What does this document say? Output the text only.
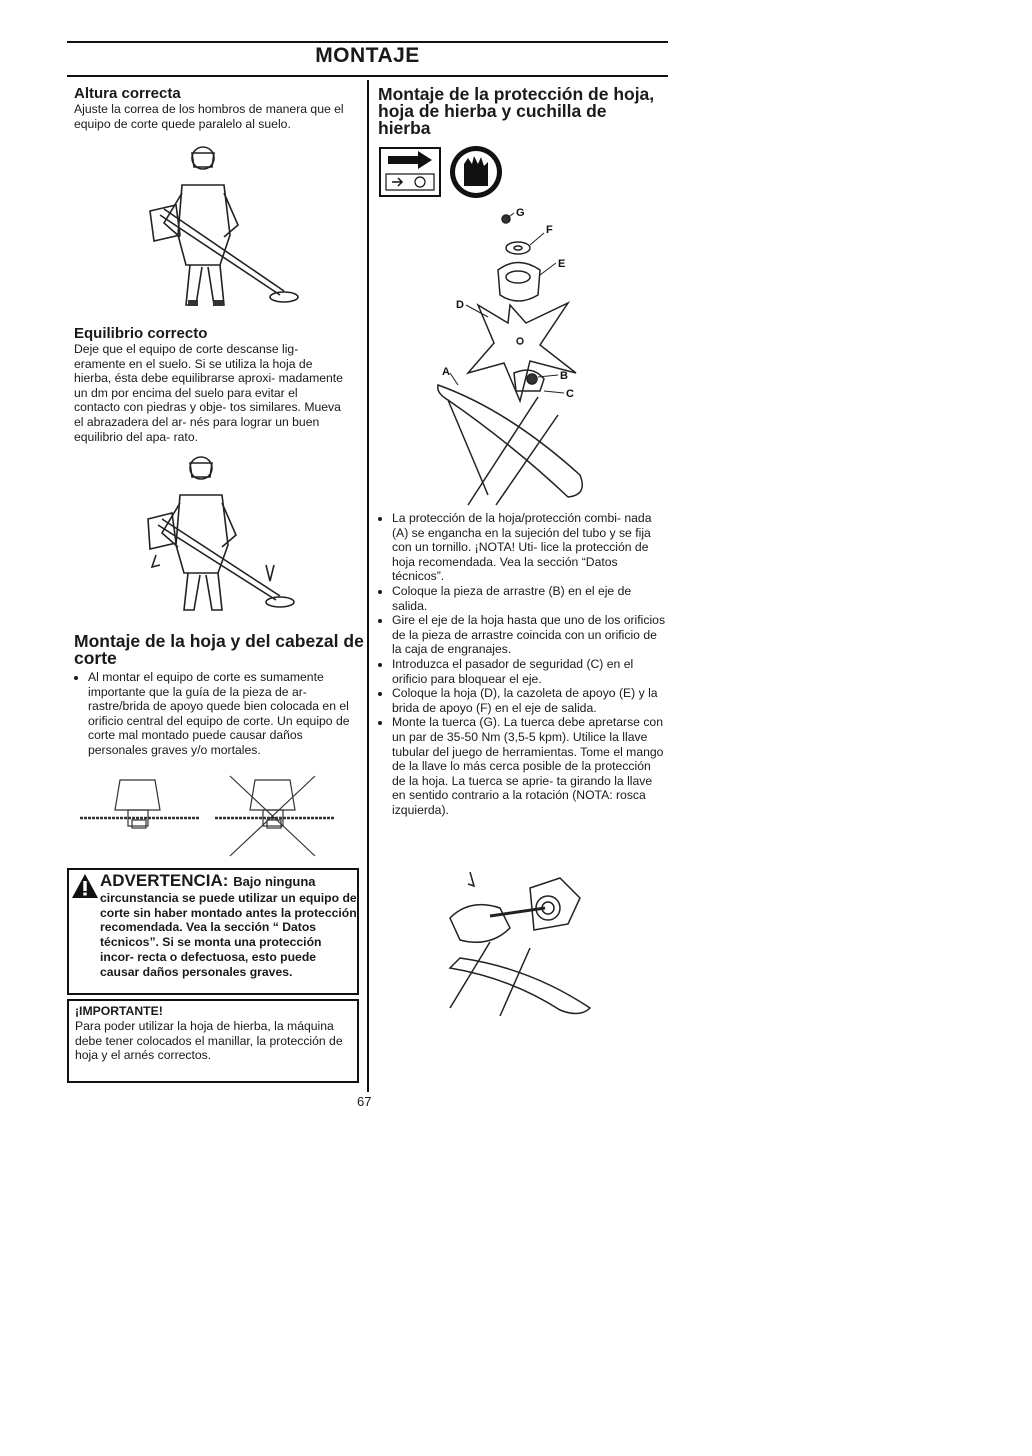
MONTAJE
Altura correcta
Ajuste la correa de los hombros de manera que el equipo de corte quede paralelo al suelo.
Equilibrio correcto
Deje que el equipo de corte descanse lig- eramente en el suelo. Si se utiliza la hoja de hierba, ésta debe equilibrarse aproxi- madamente un dm por encima del suelo para evitar el contacto con piedras y obje- tos similares. Mueva el abrazadera del ar- nés para lograr un buen equilibrio del apa- rato.
Montaje de la hoja y del cabezal de corte
• Al montar el equipo de corte es sumamente importante que la guía de la pieza de ar- rastre/brida de apoyo quede bien colocada en el orificio central del equipo de corte. Un equipo de corte mal montado puede causar daños personales graves y/o mortales.
ADVERTENCIA: Bajo ninguna
circunstancia se puede utilizar un equipo de corte sin haber montado antes la protección recomendada. Vea la sección “ Datos técnicos”. Si se monta una protección incor- recta o defectuosa, esto puede causar daños personales graves.
¡IMPORTANTE!
Para poder utilizar la hoja de hierba, la máquina debe tener colocados el manillar, la protección de hoja y el arnés correctos.
Montaje de la protección de hoja, hoja de hierba y cuchilla de hierba
G
F
E
D
A	B
C
• La protección de la hoja/protección combi- nada (A) se engancha en la sujeción del tubo y se fija con un tornillo. ¡NOTA! Uti- lice la protección de hoja recomendada. Vea la sección “Datos técnicos”.
• Coloque la pieza de arrastre (B) en el eje de salida.
• Gire el eje de la hoja hasta que uno de los orificios de la pieza de arrastre coincida con un orificio de la caja de engranajes.
• Introduzca el pasador de seguridad (C) en el orificio para bloquear el eje.
• Coloque la hoja (D), la cazoleta de apoyo (E) y la brida de apoyo (F) en el eje de salida.
• Monte la tuerca (G). La tuerca debe apretarse con un par de 35-50 Nm (3,5-5 kpm). Utilice la llave tubular del juego de herramientas. Tome el mango de la llave lo más cerca posible de la protección de la hoja. La tuerca se aprie- ta girando la llave en sentido contrario a la rotación (NOTA: rosca izquierda).
67
